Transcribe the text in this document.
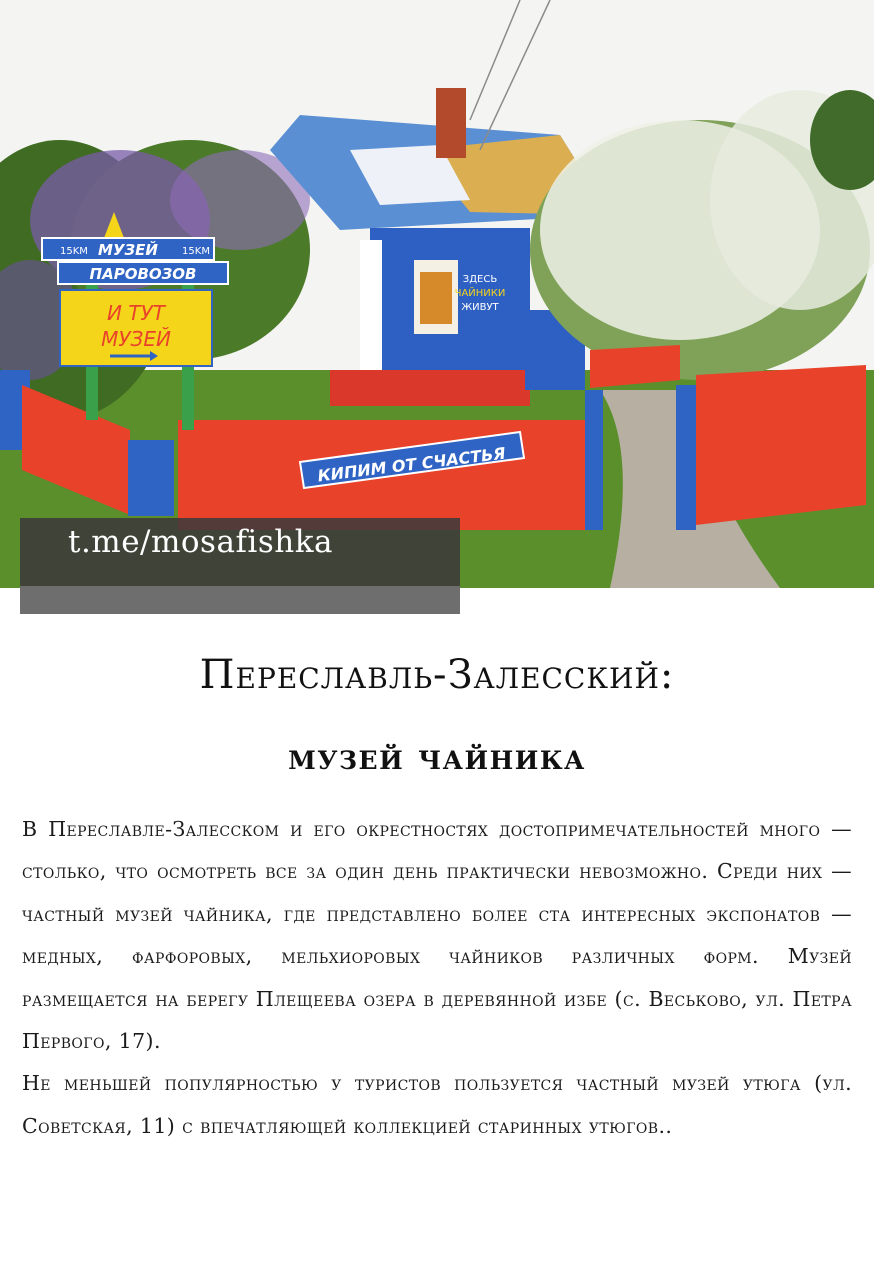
ЗДЕСЬ
ЧАЙНИКИ
ЖИВУТ
КИПИМ ОТ СЧАСТЬЯ
15KM МУЗЕЙ 15KM
ПАРОВОЗОВ
И ТУТ
МУЗЕЙ
t.me/mosafishka
Переславль-Залесский:
музей чайника

В Переславле-Залесском и его окрестностях достопримечательностей много — столько, что осмотреть все за один день практически невозможно. Среди них — частный музей чайника, где представлено более ста интересных экспонатов — медных, фарфоровых, мельхиоровых чайников различных форм. Музей размещается на берегу Плещеева озера в деревянной избе (с. Веськово, ул. Петра Первого, 17).

Не меньшей популярностью у туристов пользуется частный музей утюга (ул. Советская, 11) с впечатляющей коллекцией старинных утюгов..
